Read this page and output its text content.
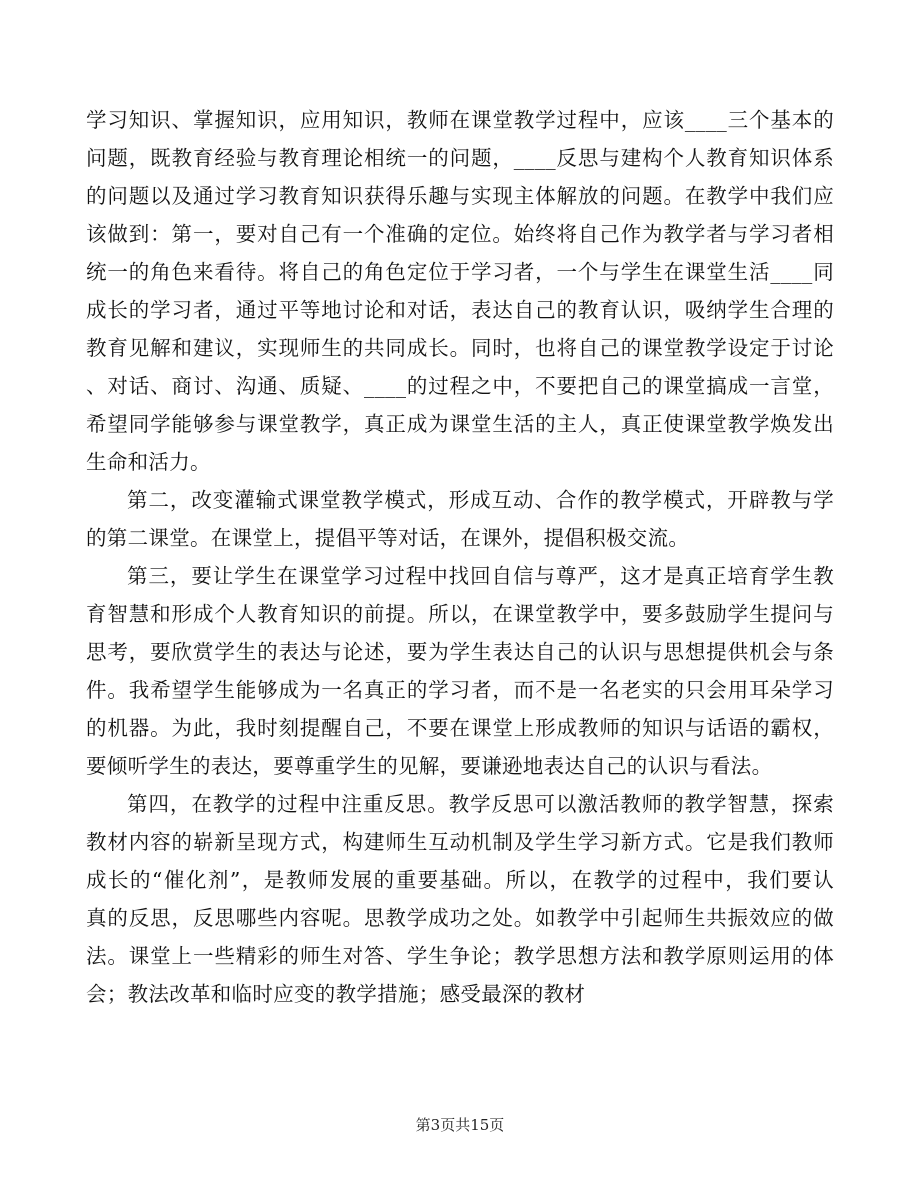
学习知识、掌握知识，应用知识，教师在课堂教学过程中，应该____三个基本的
问题，既教育经验与教育理论相统一的问题，____反思与建构个人教育知识体系
的问题以及通过学习教育知识获得乐趣与实现主体解放的问题。在教学中我们应
该做到：第一，要对自己有一个准确的定位。始终将自己作为教学者与学习者相
统一的角色来看待。将自己的角色定位于学习者，一个与学生在课堂生活____同
成长的学习者，通过平等地讨论和对话，表达自己的教育认识，吸纳学生合理的
教育见解和建议，实现师生的共同成长。同时，也将自己的课堂教学设定于讨论
、对话、商讨、沟通、质疑、____的过程之中，不要把自己的课堂搞成一言堂，
希望同学能够参与课堂教学，真正成为课堂生活的主人，真正使课堂教学焕发出
生命和活力。
第二，改变灌输式课堂教学模式，形成互动、合作的教学模式，开辟教与学
的第二课堂。在课堂上，提倡平等对话，在课外，提倡积极交流。
第三，要让学生在课堂学习过程中找回自信与尊严，这才是真正培育学生教
育智慧和形成个人教育知识的前提。所以，在课堂教学中，要多鼓励学生提问与
思考，要欣赏学生的表达与论述，要为学生表达自己的认识与思想提供机会与条
件。我希望学生能够成为一名真正的学习者，而不是一名老实的只会用耳朵学习
的机器。为此，我时刻提醒自己，不要在课堂上形成教师的知识与话语的霸权，
要倾听学生的表达，要尊重学生的见解，要谦逊地表达自己的认识与看法。
第四，在教学的过程中注重反思。教学反思可以激活教师的教学智慧，探索
教材内容的崭新呈现方式，构建师生互动机制及学生学习新方式。它是我们教师
成长的“催化剂”，是教师发展的重要基础。所以，在教学的过程中，我们要认
真的反思，反思哪些内容呢。思教学成功之处。如教学中引起师生共振效应的做
法。课堂上一些精彩的师生对答、学生争论；教学思想方法和教学原则运用的体
会；教法改革和临时应变的教学措施；感受最深的教材
第3页共15页
